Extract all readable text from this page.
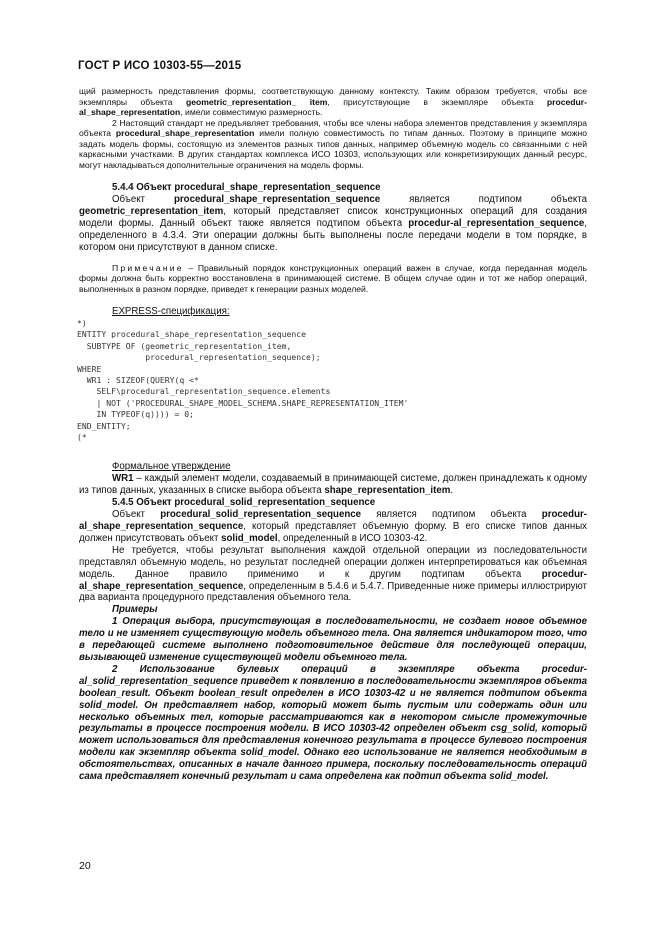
ГОСТ Р ИСО 10303-55—2015

щий размерность представления формы, соответствующую данному контексту. Таким образом требуется, чтобы все экземпляры объекта geometric_representation_ item, присутствующие в экземпляре объекта procedur-al_shape_representation, имели совместимую размерность.

2 Настоящий стандарт не предъявляет требования, чтобы все члены набора элементов представления у экземпляра объекта procedural_shape_representation имели полную совместимость по типам данных. Поэтому в принципе можно задать модель формы, состоящую из элементов разных типов данных, например объемную модель со связанными с ней каркасными участками. В других стандартах комплекса ИСО 10303, использующих или конкретизирующих данный ресурс, могут накладываться дополнительные ограничения на модель формы.

5.4.4 Объект procedural_shape_representation_sequence

Объект procedural_shape_representation_sequence является подтипом объекта geometric_representation_item, который представляет список конструкционных операций для создания модели формы. Данный объект также является подтипом объекта procedur-al_representation_sequence, определенного в 4.3.4. Эти операции должны быть выполнены после передачи модели в том порядке, в котором они присутствуют в данном списке.

Примечание – Правильный порядок конструкционных операций важен в случае, когда переданная модель формы должна быть корректно восстановлена в принимающей системе. В общем случае один и тот же набор операций, выполненных в разном порядке, приведет к генерации разных моделей.

EXPRESS-спецификация:

*)
ENTITY procedural_shape_representation_sequence
SUBTYPE OF (geometric_representation_item,
procedural_representation_sequence);
WHERE
WR1 : SIZEOF(QUERY(q <*
SELF\procedural_representation_sequence.elements
| NOT ('PROCEDURAL_SHAPE_MODEL_SCHEMA.SHAPE_REPRESENTATION_ITEM'
IN TYPEOF(q)))) = 0;
END_ENTITY;
(*

Формальное утверждение

WR1 – каждый элемент модели, создаваемый в принимающей системе, должен принадлежать к одному из типов данных, указанных в списке выбора объекта shape_representation_item.

5.4.5 Объект procedural_solid_representation_sequence

Объект procedural_solid_representation_sequence является подтипом объекта procedur-al_shape_representation_sequence, который представляет объемную форму. В его списке типов данных должен присутствовать объект solid_model, определенный в ИСО 10303-42.

Не требуется, чтобы результат выполнения каждой отдельной операции из последовательности представлял объемную модель, но результат последней операции должен интерпретироваться как объемная модель. Данное правило применимо и к другим подтипам объекта procedur-al_shape_representation_sequence, определенным в 5.4.6 и 5.4.7. Приведенные ниже примеры иллюстрируют два варианта процедурного представления объемного тела.

Примеры

1 Операция выбора, присутствующая в последовательности, не создает новое объемное тело и не изменяет существующую модель объемного тела. Она является индикатором того, что в передающей системе выполнено подготовительное действие для последующей операции, вызывающей изменение существующей модели объемного тела.

2 Использование булевых операций в экземпляре объекта procedur-al_solid_representation_sequence приведет к появлению в последовательности экземпляров объекта boolean_result. Объект boolean_result определен в ИСО 10303-42 и не является подтипом объекта solid_model. Он представляет набор, который может быть пустым или содержать один или несколько объемных тел, которые рассматриваются как в некотором смысле промежуточные результаты в процессе построения модели. В ИСО 10303-42 определен объект csg_solid, который может использоваться для представления конечного результата в процессе булевого построения модели как экземпляр объекта solid_model. Однако его использование не является необходимым в обстоятельствах, описанных в начале данного примера, поскольку последовательность операций сама представляет конечный результат и сама определена как подтип объекта solid_model.

20
